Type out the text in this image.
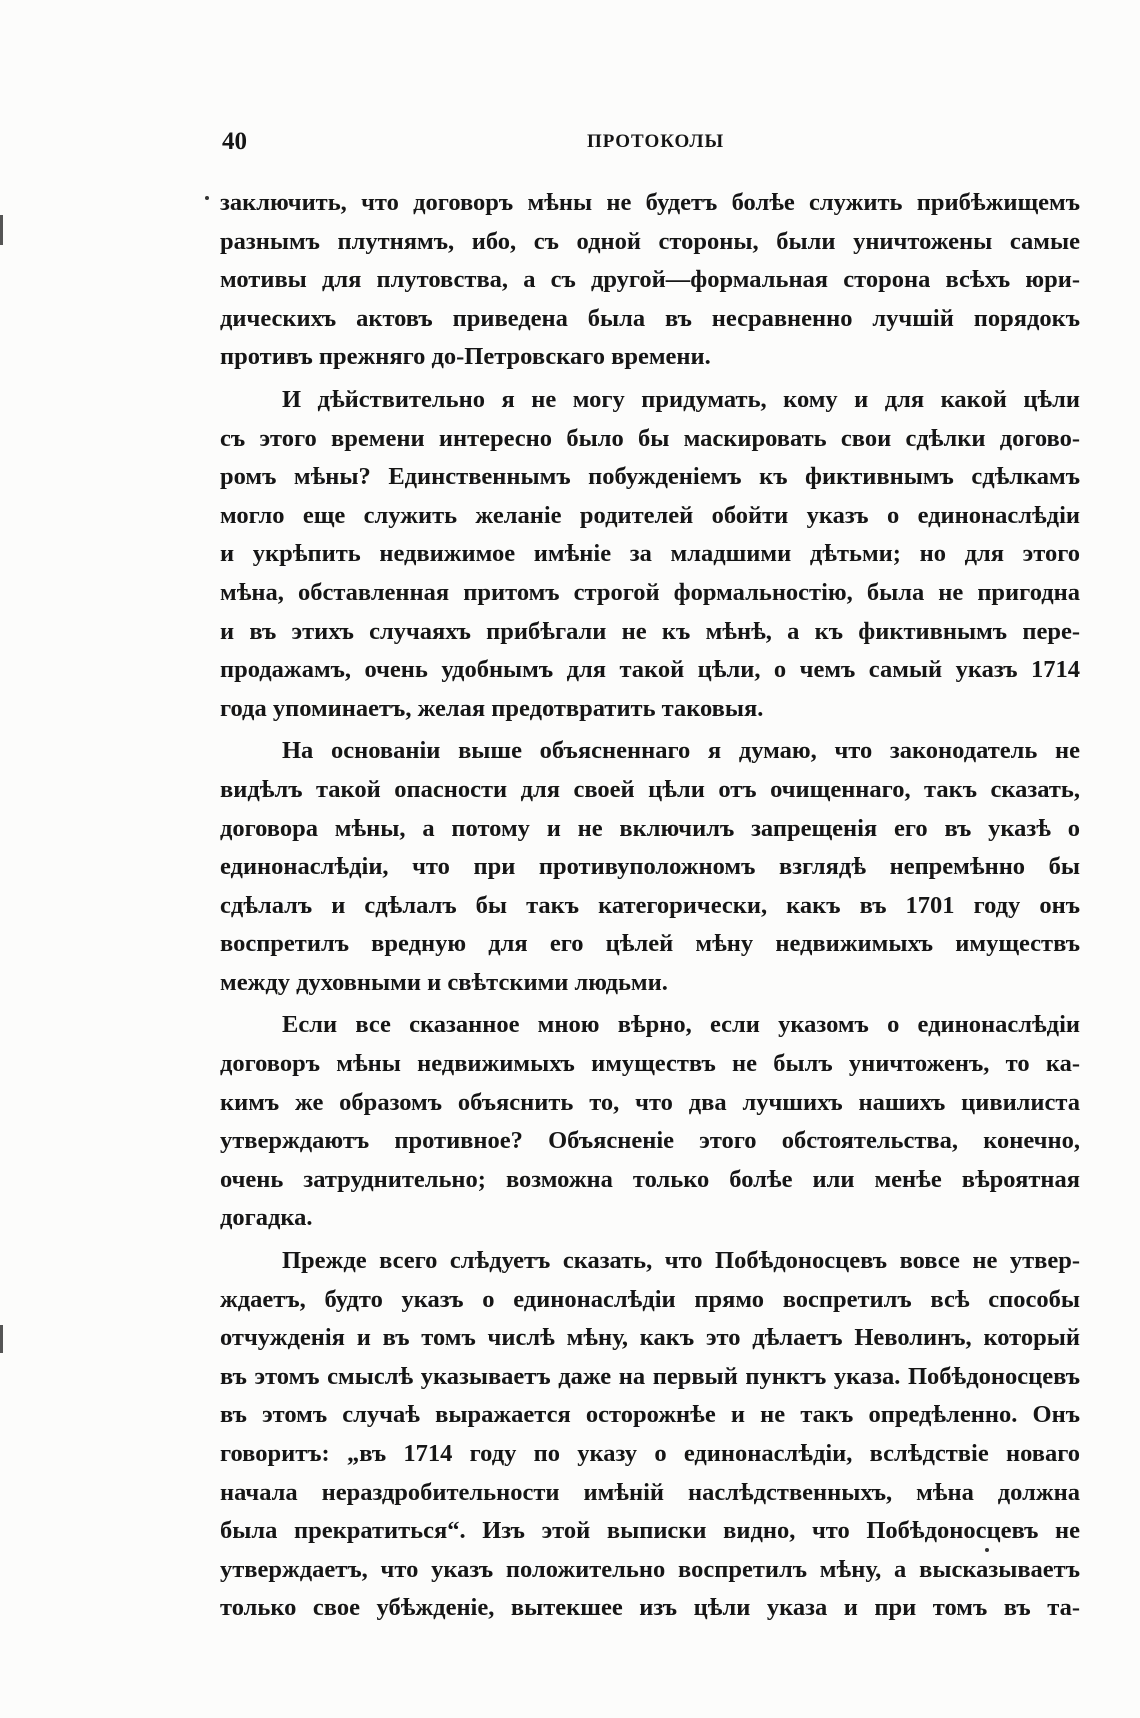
40	ПРОТОКОЛЫ
заключить, что договоръ мѣны не будетъ болѣе служить прибѣжищемъ
разнымъ плутнямъ, ибо, съ одной стороны, были уничтожены самые
мотивы для плутовства, а съ другой—формальная сторона всѣхъ юри-
дическихъ актовъ приведена была въ несравненно лучшій порядокъ
противъ прежняго до-Петровскаго времени.
И дѣйствительно я не могу придумать, кому и для какой цѣли
съ этого времени интересно было бы маскировать свои сдѣлки догово-
ромъ мѣны? Единственнымъ побужденіемъ къ фиктивнымъ сдѣлкамъ
могло еще служить желаніе родителей обойти указъ о единонаслѣдіи
и укрѣпить недвижимое имѣніе за младшими дѣтьми; но для этого
мѣна, обставленная притомъ строгой формальностію, была не пригодна
и въ этихъ случаяхъ прибѣгали не къ мѣнѣ, а къ фиктивнымъ пере-
продажамъ, очень удобнымъ для такой цѣли, о чемъ самый указъ 1714
года упоминаетъ, желая предотвратить таковыя.
На основаніи выше объясненнаго я думаю, что законодатель не
видѣлъ такой опасности для своей цѣли отъ очищеннаго, такъ сказать,
договора мѣны, а потому и не включилъ запрещенія его въ указѣ о
единонаслѣдіи, что при противуположномъ взглядѣ непремѣнно бы
сдѣлалъ и сдѣлалъ бы такъ категорически, какъ въ 1701 году онъ
воспретилъ вредную для его цѣлей мѣну недвижимыхъ имуществъ
между духовными и свѣтскими людьми.
Если все сказанное мною вѣрно, если указомъ о единонаслѣдіи
договоръ мѣны недвижимыхъ имуществъ не былъ уничтоженъ, то ка-
кимъ же образомъ объяснить то, что два лучшихъ нашихъ цивилиста
утверждаютъ противное? Объясненіе этого обстоятельства, конечно,
очень затруднительно; возможна только болѣе или менѣе вѣроятная
догадка.
Прежде всего слѣдуетъ сказать, что Побѣдоносцевъ вовсе не утвер-
ждаетъ, будто указъ о единонаслѣдіи прямо воспретилъ всѣ способы
отчужденія и въ томъ числѣ мѣну, какъ это дѣлаетъ Неволинъ, который
въ этомъ смыслѣ указываетъ даже на первый пунктъ указа. Побѣдоносцевъ
въ этомъ случаѣ выражается осторожнѣе и не такъ опредѣленно. Онъ
говоритъ: „въ 1714 году по указу о единонаслѣдіи, вслѣдствіе новаго
начала нераздробительности имѣній наслѣдственныхъ, мѣна должна
была прекратиться“. Изъ этой выписки видно, что Побѣдоносцевъ не
утверждаетъ, что указъ положительно воспретилъ мѣну, а высказываетъ
только свое убѣжденіе, вытекшее изъ цѣли указа и при томъ въ та-
